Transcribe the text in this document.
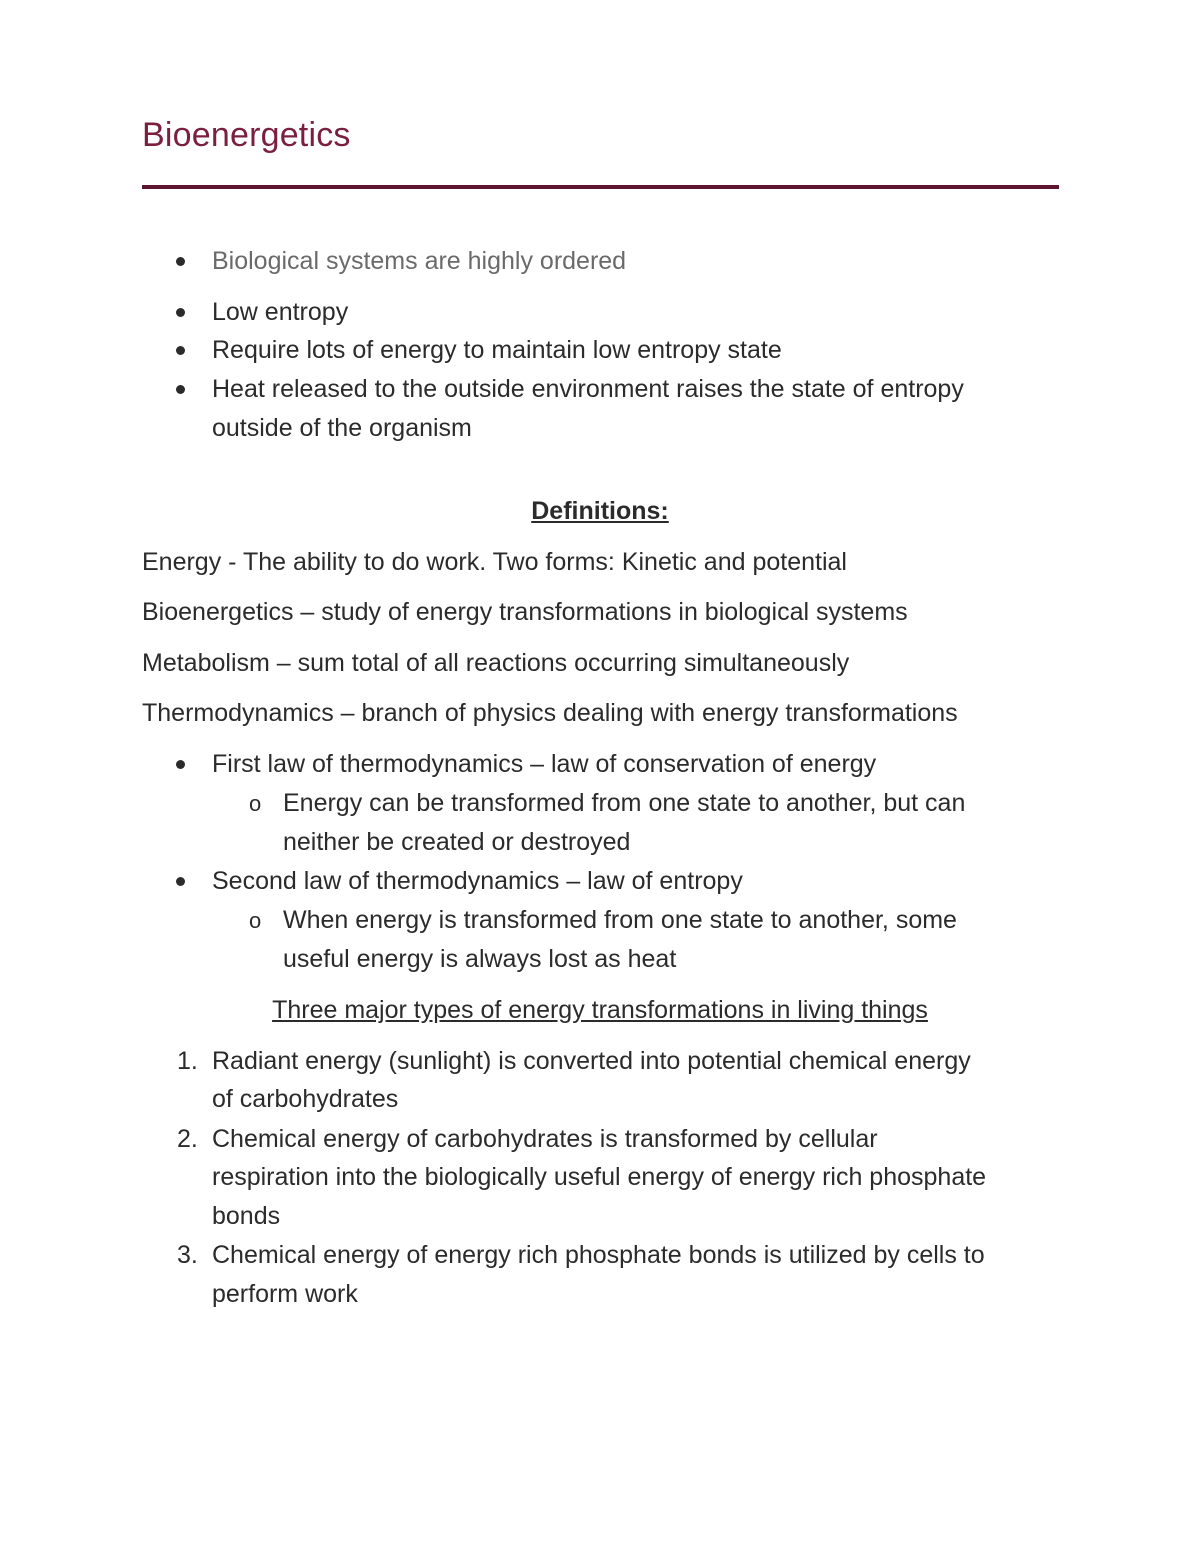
Bioenergetics
Biological systems are highly ordered
Low entropy
Require lots of energy to maintain low entropy state
Heat released to the outside environment raises the state of entropy
outside of the organism
Definitions:
Energy - The ability to do work. Two forms: Kinetic and potential
Bioenergetics – study of energy transformations in biological systems
Metabolism – sum total of all reactions occurring simultaneously
Thermodynamics – branch of physics dealing with energy transformations
First law of thermodynamics – law of conservation of energy
o Energy can be transformed from one state to another, but can
neither be created or destroyed
Second law of thermodynamics – law of entropy
o When energy is transformed from one state to another, some
useful energy is always lost as heat
Three major types of energy transformations in living things
1. Radiant energy (sunlight) is converted into potential chemical energy
of carbohydrates
2. Chemical energy of carbohydrates is transformed by cellular
respiration into the biologically useful energy of energy rich phosphate
bonds
3. Chemical energy of energy rich phosphate bonds is utilized by cells to
perform work
